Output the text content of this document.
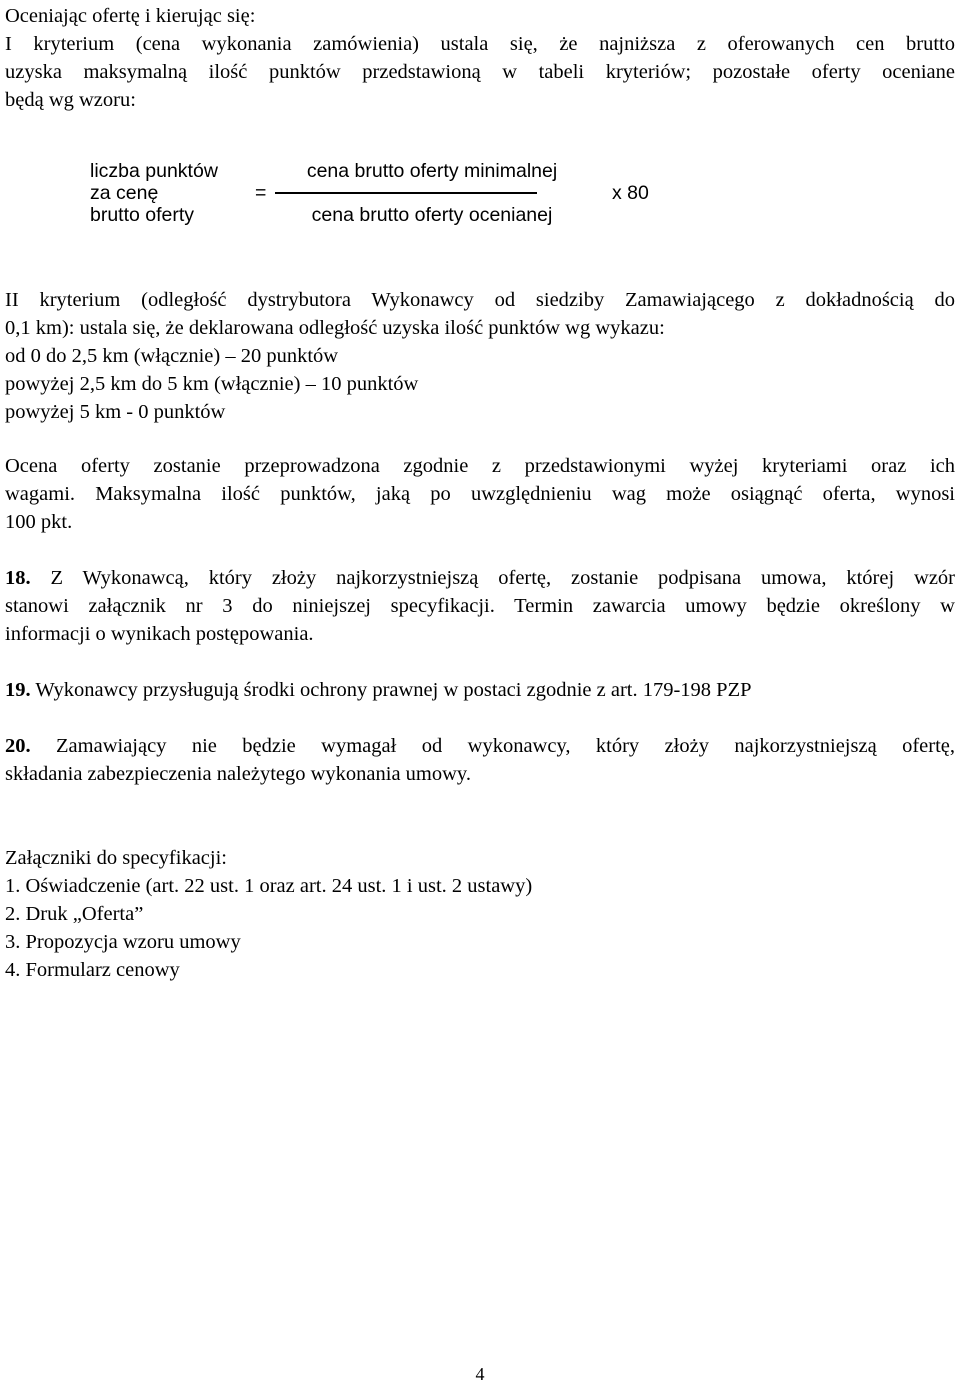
Oceniając ofertę i kierując się:
I kryterium (cena wykonania zamówienia) ustala się, że najniższa z oferowanych cen brutto
uzyska maksymalną ilość punktów przedstawioną w tabeli kryteriów; pozostałe oferty oceniane
będą wg wzoru:
liczba punktów
za cenę
brutto oferty
=
cena brutto oferty minimalnej
cena brutto oferty ocenianej
x 80
II kryterium (odległość dystrybutora Wykonawcy od siedziby Zamawiającego z dokładnością do
0,1 km): ustala się, że deklarowana odległość uzyska ilość punktów wg wykazu:
od 0 do 2,5 km (włącznie) – 20 punktów
powyżej 2,5 km do 5 km (włącznie) – 10 punktów
powyżej 5 km - 0 punktów
Ocena oferty zostanie przeprowadzona zgodnie z przedstawionymi wyżej kryteriami oraz ich
wagami. Maksymalna ilość punktów, jaką po uwzględnieniu wag może osiągnąć oferta, wynosi
100 pkt.
18. Z Wykonawcą, który złoży najkorzystniejszą ofertę, zostanie podpisana umowa, której wzór
stanowi załącznik nr 3 do niniejszej specyfikacji. Termin zawarcia umowy będzie określony w
informacji o wynikach postępowania.
19. Wykonawcy przysługują środki ochrony prawnej w postaci zgodnie z art. 179-198 PZP
20. Zamawiający nie będzie wymagał od wykonawcy, który złoży najkorzystniejszą ofertę,
składania zabezpieczenia należytego wykonania umowy.
Załączniki do specyfikacji:
1. Oświadczenie (art. 22 ust. 1 oraz art. 24 ust. 1 i ust. 2 ustawy)
2. Druk „Oferta”
3. Propozycja wzoru umowy
4. Formularz cenowy
4
